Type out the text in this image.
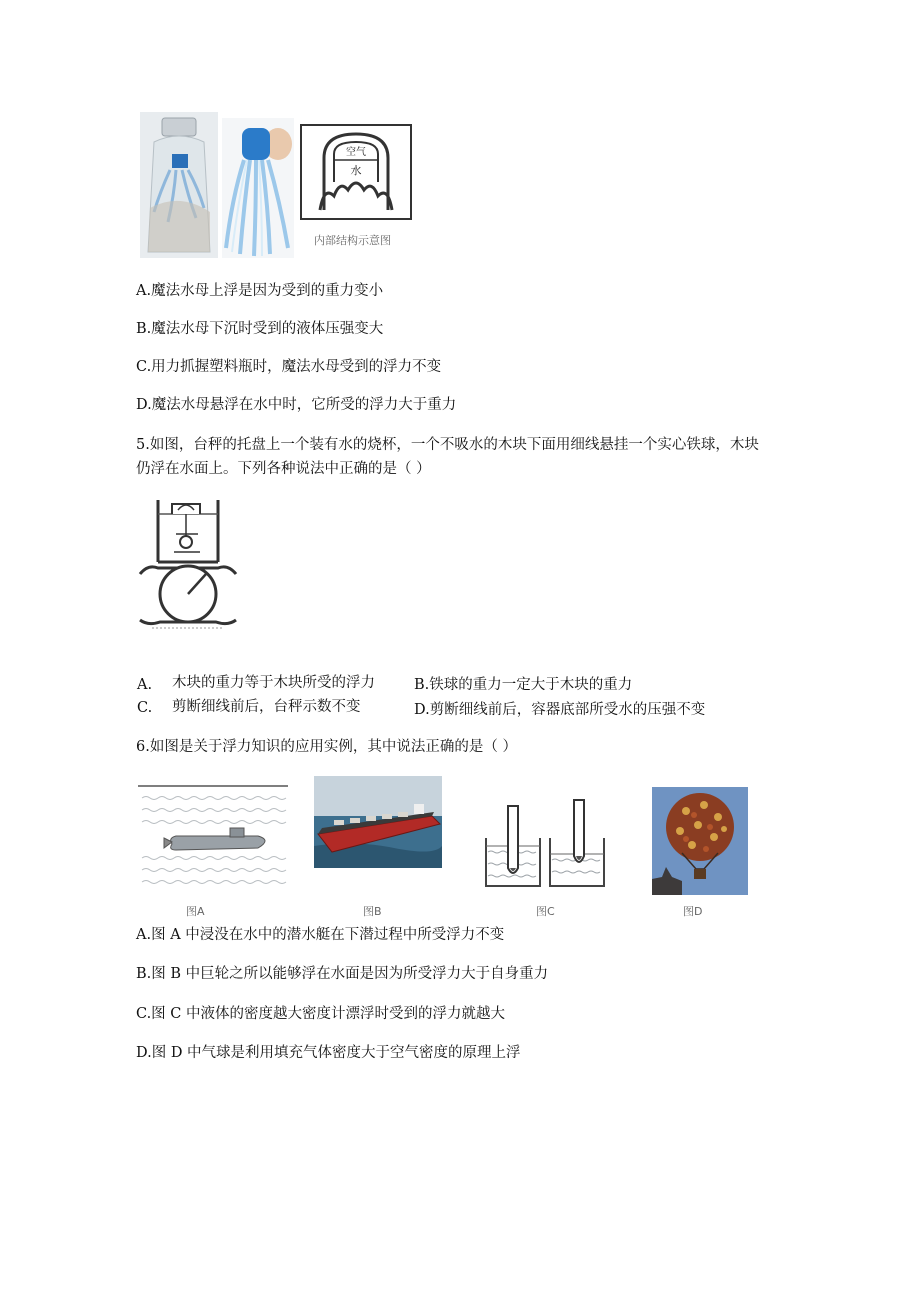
空气
水
内部结构示意图
A.魔法水母上浮是因为受到的重力变小
B.魔法水母下沉时受到的液体压强变大
C.用力抓握塑料瓶时，魔法水母受到的浮力不变
D.魔法水母悬浮在水中时，它所受的浮力大于重力
5.如图，台秤的托盘上一个装有水的烧杯，一个不吸水的木块下面用细线悬挂一个实心铁球，木块
仍浮在水面上。下列各种说法中正确的是（ ）
A. 木块的重力等于木块所受的浮力	B.铁球的重力一定大于木块的重力
C. 剪断细线前后，台秤示数不变	D.剪断细线前后，容器底部所受水的压强不变
6.如图是关于浮力知识的应用实例，其中说法正确的是（ ）
图A	图B	图C	图D
A.图 A 中浸没在水中的潜水艇在下潜过程中所受浮力不变
B.图 B 中巨轮之所以能够浮在水面是因为所受浮力大于自身重力
C.图 C 中液体的密度越大密度计漂浮时受到的浮力就越大
D.图 D 中气球是利用填充气体密度大于空气密度的原理上浮
